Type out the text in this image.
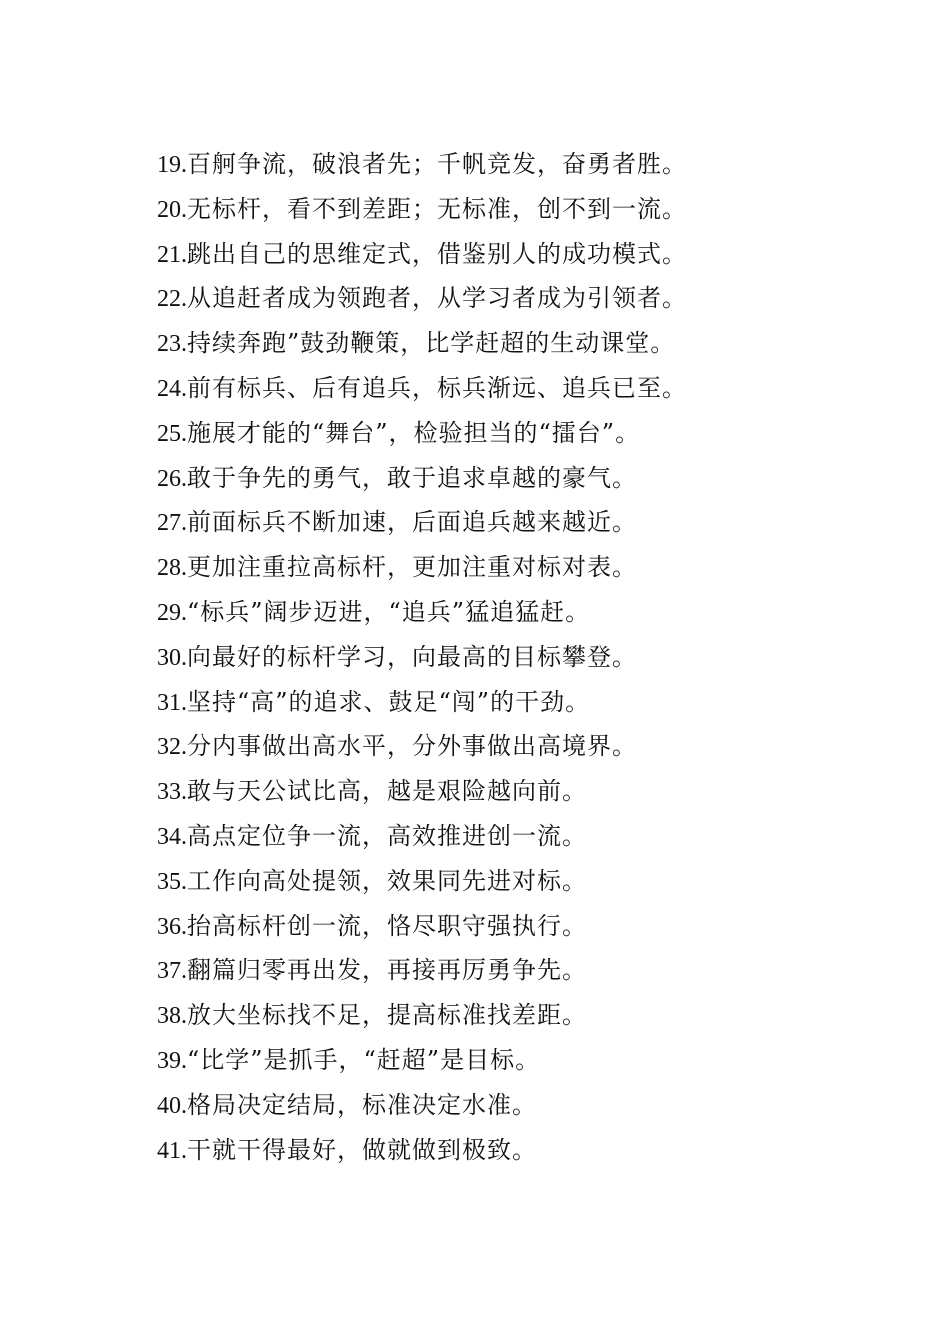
19.百舸争流，破浪者先；千帆竞发，奋勇者胜。
20.无标杆，看不到差距；无标准，创不到一流。
21.跳出自己的思维定式，借鉴别人的成功模式。
22.从追赶者成为领跑者，从学习者成为引领者。
23.持续奔跑”鼓劲鞭策，比学赶超的生动课堂。
24.前有标兵、后有追兵，标兵渐远、追兵已至。
25.施展才能的“舞台”，检验担当的“擂台”。
26.敢于争先的勇气，敢于追求卓越的豪气。
27.前面标兵不断加速，后面追兵越来越近。
28.更加注重拉高标杆，更加注重对标对表。
29.“标兵”阔步迈进，“追兵”猛追猛赶。
30.向最好的标杆学习，向最高的目标攀登。
31.坚持“高”的追求、鼓足“闯”的干劲。
32.分内事做出高水平，分外事做出高境界。
33.敢与天公试比高，越是艰险越向前。
34.高点定位争一流，高效推进创一流。
35.工作向高处提领，效果同先进对标。
36.抬高标杆创一流，恪尽职守强执行。
37.翻篇归零再出发，再接再厉勇争先。
38.放大坐标找不足，提高标准找差距。
39.“比学”是抓手，“赶超”是目标。
40.格局决定结局，标准决定水准。
41.干就干得最好，做就做到极致。
